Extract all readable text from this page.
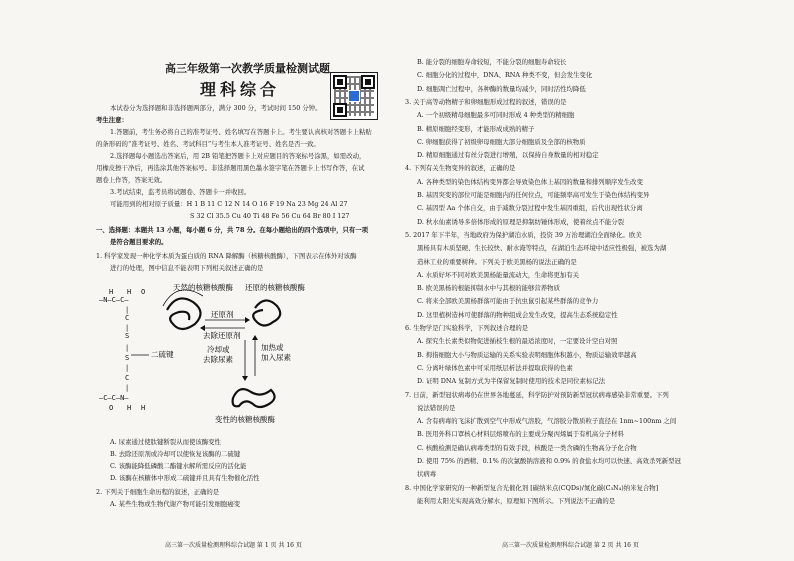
高三年级第一次教学质量检测试题
理科综合
本试卷分为选择题和非选择题两部分，满分 300 分，考试时间 150 分钟。
考生注意：
1.答题前，考生务必将自己的准考证号、姓名填写在答题卡上。考生要认真核对答题卡上粘贴
的条形码的“准考证号、姓名、考试科目”与考生本人准考证号、姓名是否一致。
2.选择题每小题选出答案后，用 2B 铅笔把答题卡上对应题目的答案标号涂黑，如需改动，
用橡皮擦干净后，再选涂其他答案标号。非选择题用黑色墨水签字笔在答题卡上书写作答，在试
题卷上作答，答案无效。
3.考试结束，监考员将试题卷、答题卡一并收回。
可能用到的相对原子质量：H 1 B 11 C 12 N 14 O 16 F 19 Na 23 Mg 24 Al 27
S 32 Cl 35.5 Cu 40 Ti 48 Fe 56 Cu 64 Br 80 I 127
一、选择题：本题共 13 小题，每小题 6 分，共 78 分。在每小题给出的四个选项中，只有一项
是符合题目要求的。
1. 科学家发现一种化学本质为蛋白质的 RNA 降解酶（核糖核酸酶），下图表示在体外对该酶
进行的处理，图中信息不能表明下列相关叙述正确的是
—N—C—C—
H H O
|
C
|
S
|
S
|
C
|
—C—C—N—
O H H
二硫键
天然的核糖核酸酶
还原剂
去除还原剂
还原的核糖核酸酶
冷却或
去除尿素
加热或
加入尿素
变性的核糖核酸酶
A. 尿素通过使肽键断裂从而使该酶变性
B. 去除还原剂或冷却可以使恢复该酶的二硫键
C. 该酶能降低磷酸二酯键水解所需反应的活化能
D. 该酶在核糖体中形成二硫键并且具有生物催化活性
2. 下列关于细胞生命历程的叙述，正确的是
A. 某些生物或生物代谢产物可能引发细胞癌变
高三第一次质量检测理科综合试题 第 1 页 共 16 页
B. 能分裂的细胞寿命较短，不能分裂的细胞寿命较长
C. 细胞分化的过程中，DNA、RNA 种类不变，但会发生变化
D. 细胞凋亡过程中，各种酶的数量均减少，同时活性均降低
3. 关于高等动物精子和卵细胞形成过程的叙述，错误的是
A. 一个初级精母细胞最多可同时形成 4 种类型的精细胞
B. 精原细胞经变形，才能形成成熟的精子
C. 卵细胞获得了初级卵母细胞大部分细胞质及全部的核物质
D. 精原细胞通过有丝分裂进行增殖，以保持自身数量的相对稳定
4. 下列有关生物变异的叙述，正确的是
A. 各种类型的染色体结构变异都会导致染色体上基因的数量和排列顺序发生改变
B. 基因突变的部位可能是细胞内的任何位点，可能频率高可发生于染色体结构变异
C. 基因型 Aa 个体自交，由于减数分裂过程中发生基因重组，后代出现性状分离
D. 秋水仙素诱导多倍体形成的原理是抑制纺锤体形成，使着丝点不能分裂
5. 2017 年下半年，当地政府为保护湖泊水质，投资 39 万治理湖泊全面绿化。欧美
黑杨具有木质坚硬、生长较快、耐水淹等特点，在湖泊生态环境中适应性极强，被选为湖
造林工业的重要树种。下列关于欧美黑杨的说法正确的是
A. 水质好坏不同对欧美黑杨能量流动大，生命将更加有关
B. 欧美黑杨的根能抑制水中与其根的能够营养物质
C. 将来全部欧美黑杨群落可能由于抗虫鼠引起某些群落的竞争力
D. 这里植树造林可使群落的物种组成会发生改变，提高生态系统稳定性
6. 生物学是门实验科学，下列叙述合理的是
A. 探究生长素类似物促进插枝生根的最适浓度时，一定要设计空白对照
B. 拇指细胞大小与物质运输的关系实验表明细胞体积越小，物质运输效率越高
C. 分离叶绿体色素中可采用纸层析法并提取获得的色素
D. 证明 DNA 复制方式为半保留复制时使用的技术是同位素标记法
7. 日前，新型冠状病毒仍在世界各地蔓延，科学防护对预防新型冠状病毒感染非常重要。下列
说法错误的是
A. 含有病毒的飞沫扩散到空气中形成气溶胶，气溶胶分散质粒子直径在 1nm~100nm 之间
B. 医用外科口罩核心材料层熔喷布的主要成分聚丙烯属于有机高分子材料
C. 核酸检测是确认病毒类型的有效手段，核酸是一类含磷的生物高分子化合物
D. 使用 75% 的酒精、0.1% 的次氯酸钠溶液和 0.9% 的食盐水均可以快速、高效杀死新型冠
状病毒
8. 中国化学家研究的一种新型复合光催化剂 [碳纳米点(CQDs)/氮化碳(C₃N₄)纳米复合物]
能利用太阳光实现高效分解水，原理如下图所示。下列说法不正确的是
高三第一次质量检测理科综合试题 第 2 页 共 16 页
